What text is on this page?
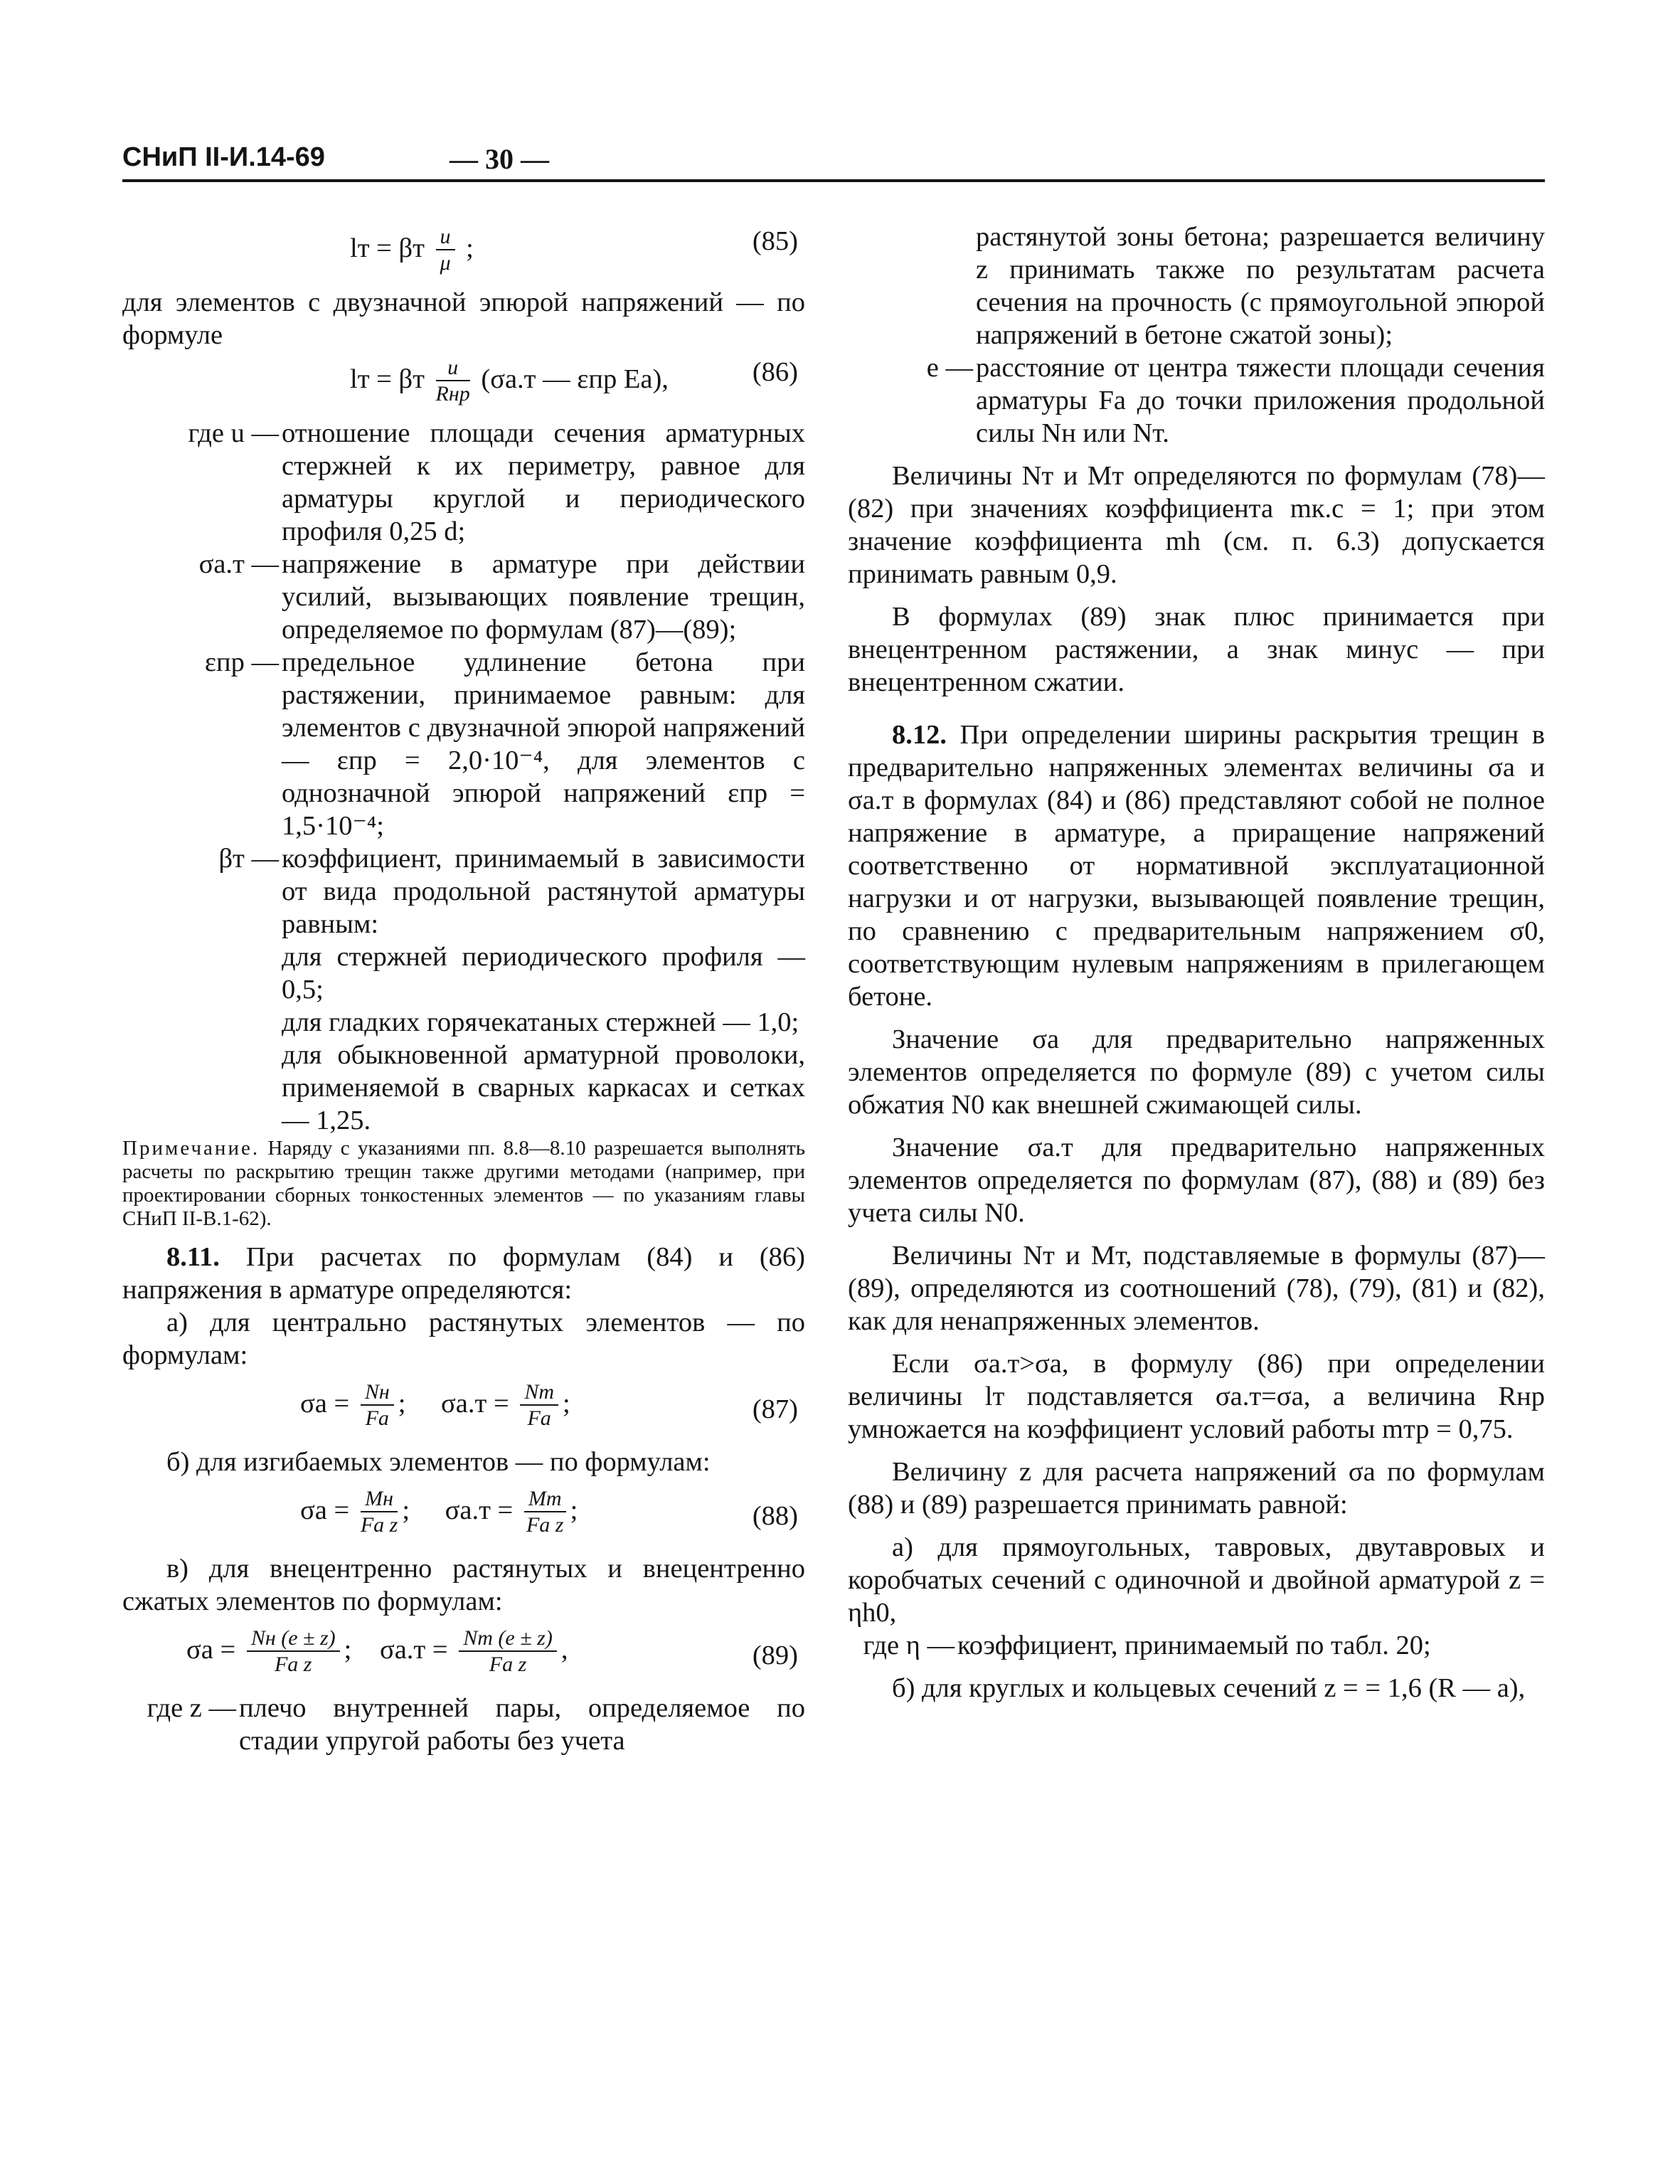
СНиП II-И.14-69	— 30 —
lт = βт $\frac{u}{\mu}$ ;	(85)

для элементов с двузначной эпюрой напряжений — по формуле

lт = βт $\frac{u}{\text{Rнр}} (\sigma а.т$ — εпр Eа),	(86)
где u — отношение площади сечения арматурных стержней к их периметру, равное для арматуры круглой и периодического профиля 0,25 d;
σа.т — напряжение в арматуре при действии усилий, вызывающих появление трещин, определяемое по формулам (87)—(89);
εпр — предельное удлинение бетона при растяжении, принимаемое равным: для элементов с двузначной эпюрой напряжений — εпр = 2,0·10⁻⁴, для элементов с однозначной эпюрой напряжений εпр = 1,5·10⁻⁴;
βт — коэффициент, принимаемый в зависимости от вида продольной растянутой арматуры равным:

для стержней периодического профиля — 0,5;

для гладких горячекатаных стержней — 1,0;

для обыкновенной арматурной проволоки, применяемой в сварных каркасах и сетках — 1,25.

Примечание. Наряду с указаниями пп. 8.8—8.10 разрешается выполнять расчеты по раскрытию трещин также другими методами (например, при проектировании сборных тонкостенных элементов — по указаниям главы СНиП II-В.1-62).

8.11. При расчетах по формулам (84) и (86) напряжения в арматуре определяются:

а) для центрально растянутых элементов — по формулам:

$\sigma а = \frac{Nн}{Fа}$ ; $\sigma а.т = \frac{Nт}{Fа}$ ;	(87)

б) для изгибаемых элементов — по формулам:

$\sigma а = \frac{Mн}{\text{Fа z}}$ ; $\sigma а.т = \frac{Mт}{\text{Fа z}}$ ;	(88)

в) для внецентренно растянутых и внецентренно сжатых элементов по формулам:

$\sigma а = \frac{Nн (e \pm z)}{\text{Fа z}}$ ; $\sigma а.т = \frac{Nт (e \pm z)}{\text{Fа z}}$ ,	(89)
где z — плечо внутренней пары, определяемое по стадии упругой работы без учета

растянутой зоны бетона; разрешается величину z принимать также по результатам расчета сечения на прочность (с прямоугольной эпюрой напряжений в бетоне сжатой зоны);

e — расстояние от центра тяжести площади сечения арматуры Fа до точки приложения продольной силы Nн или Nт.

Величины Nт и Mт определяются по формулам (78)—(82) при значениях коэффициента mк.с = 1; при этом значение коэффициента mh (см. п. 6.3) допускается принимать равным 0,9.

В формулах (89) знак плюс принимается при внецентренном растяжении, а знак минус — при внецентренном сжатии.

8.12. При определении ширины раскрытия трещин в предварительно напряженных элементах величины σа и σа.т в формулах (84) и (86) представляют собой не полное напряжение в арматуре, а приращение напряжений соответственно от нормативной эксплуатационной нагрузки и от нагрузки, вызывающей появление трещин, по сравнению с предварительным напряжением σ0, соответствующим нулевым напряжениям в прилегающем бетоне.

Значение σа для предварительно напряженных элементов определяется по формуле (89) с учетом силы обжатия N0 как внешней сжимающей силы.

Значение σа.т для предварительно напряженных элементов определяется по формулам (87), (88) и (89) без учета силы N0.

Величины Nт и Mт, подставляемые в формулы (87)—(89), определяются из соотношений (78), (79), (81) и (82), как для ненапряженных элементов.

Если σа.т>σа, в формулу (86) при определении величины lт подставляется σа.т=σа, а величина Rнр умножается на коэффициент условий работы mтр = 0,75.

Величину z для расчета напряжений σа по формулам (88) и (89) разрешается принимать равной:

а) для прямоугольных, тавровых, двутавровых и коробчатых сечений с одиночной и двойной арматурой z = ηh0,

где η — коэффициент, принимаемый по табл. 20;

б) для круглых и кольцевых сечений z = = 1,6 (R — a),
